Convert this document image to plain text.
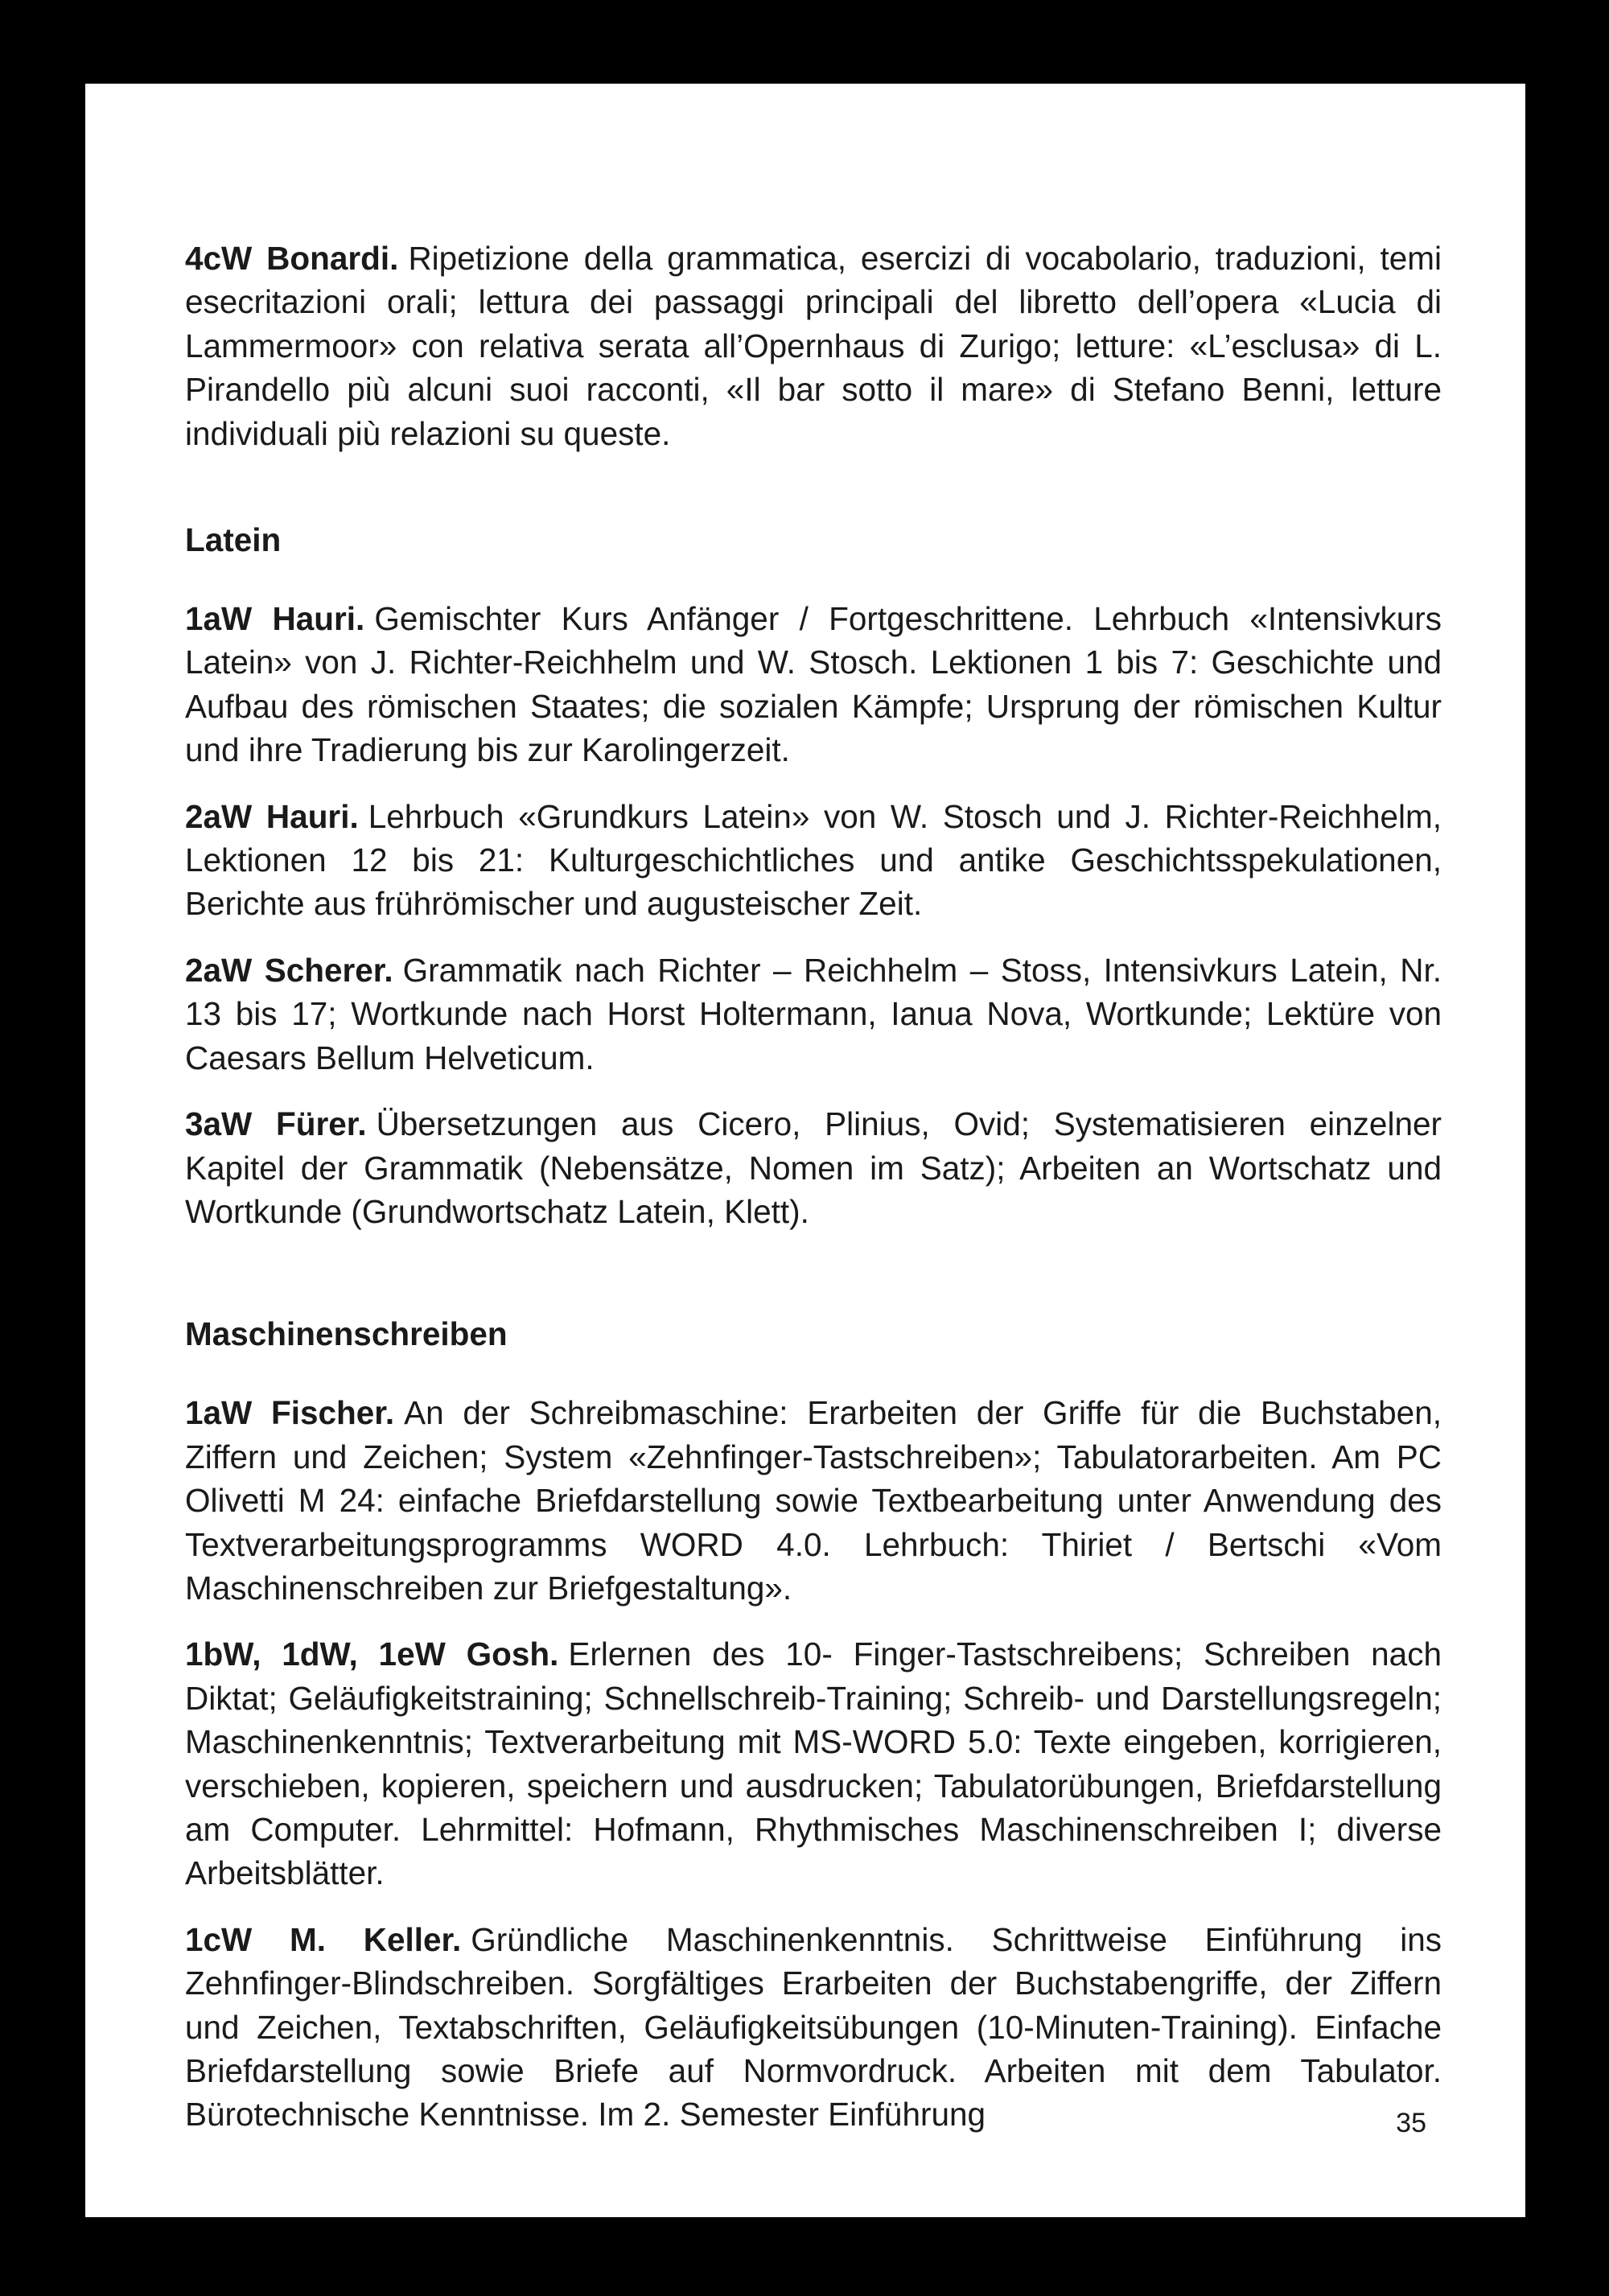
4cW Bonardi. Ripetizione della grammatica, esercizi di vocabolario, traduzioni, temi esecritazioni orali; lettura dei passaggi principali del libretto dell’opera «Lucia di Lammermoor» con relativa serata all’Opernhaus di Zurigo; letture: «L’esclusa» di L. Pirandello più alcuni suoi racconti, «Il bar sotto il mare» di Stefano Benni, letture individuali più relazioni su queste.

Latein

1aW Hauri. Gemischter Kurs Anfänger / Fortgeschrittene. Lehrbuch «Intensivkurs Latein» von J. Richter-Reichhelm und W. Stosch. Lektionen 1 bis 7: Geschichte und Aufbau des römischen Staates; die sozialen Kämpfe; Ursprung der römischen Kultur und ihre Tradierung bis zur Karolingerzeit.

2aW Hauri. Lehrbuch «Grundkurs Latein» von W. Stosch und J. Richter-Reichhelm, Lektionen 12 bis 21: Kulturgeschichtliches und antike Geschichtsspekulationen, Berichte aus frührömischer und augusteischer Zeit.

2aW Scherer. Grammatik nach Richter – Reichhelm – Stoss, Intensivkurs Latein, Nr. 13 bis 17; Wortkunde nach Horst Holtermann, Ianua Nova, Wortkunde; Lektüre von Caesars Bellum Helveticum.

3aW Fürer. Übersetzungen aus Cicero, Plinius, Ovid; Systematisieren einzelner Kapitel der Grammatik (Nebensätze, Nomen im Satz); Arbeiten an Wortschatz und Wortkunde (Grundwortschatz Latein, Klett).

Maschinenschreiben

1aW Fischer. An der Schreibmaschine: Erarbeiten der Griffe für die Buchstaben, Ziffern und Zeichen; System «Zehnfinger-Tastschreiben»; Tabulatorarbeiten. Am PC Olivetti M 24: einfache Briefdarstellung sowie Textbearbeitung unter Anwendung des Textverarbeitungsprogramms WORD 4.0. Lehrbuch: Thiriet / Bertschi «Vom Maschinenschreiben zur Briefgestaltung».

1bW, 1dW, 1eW Gosh. Erlernen des 10- Finger-Tastschreibens; Schreiben nach Diktat; Geläufigkeitstraining; Schnellschreib-Training; Schreib- und Darstellungsregeln; Maschinenkenntnis; Textverarbeitung mit MS-WORD 5.0: Texte eingeben, korrigieren, verschieben, kopieren, speichern und ausdrucken; Tabulatorübungen, Briefdarstellung am Computer. Lehrmittel: Hofmann, Rhythmisches Maschinenschreiben I; diverse Arbeitsblätter.

1cW M. Keller. Gründliche Maschinenkenntnis. Schrittweise Einführung ins Zehnfinger-Blindschreiben. Sorgfältiges Erarbeiten der Buchstabengriffe, der Ziffern und Zeichen, Textabschriften, Geläufigkeitsübungen (10-Minuten-Training). Einfache Briefdarstellung sowie Briefe auf Normvordruck. Arbeiten mit dem Tabulator. Bürotechnische Kenntnisse. Im 2. Semester Einführung	35
